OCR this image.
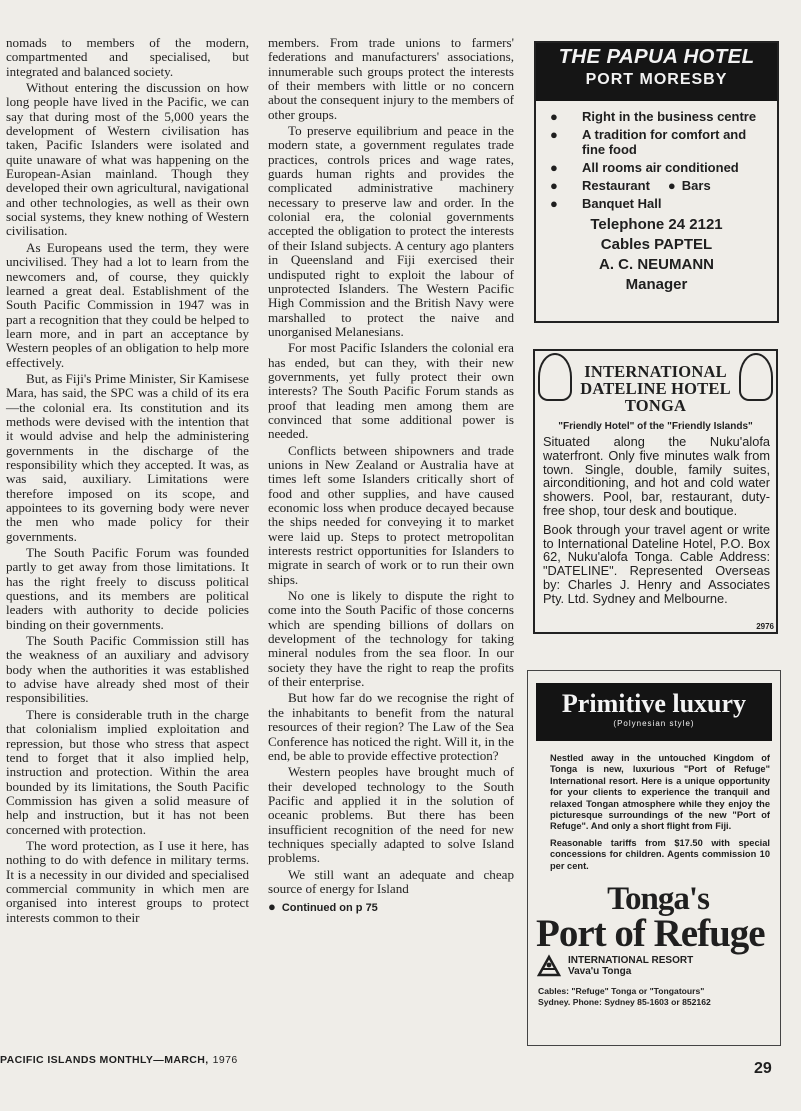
nomads to members of the modern, compartmented and specialised, but integrated and balanced society.

Without entering the discussion on how long people have lived in the Pacific, we can say that during most of the 5,000 years the development of Western civilisation has taken, Pacific Islanders were isolated and quite unaware of what was happening on the European-Asian mainland. Though they developed their own agricultural, navigational and other technologies, as well as their own social systems, they knew nothing of Western civilisation.

As Europeans used the term, they were uncivilised. They had a lot to learn from the newcomers and, of course, they quickly learned a great deal. Establishment of the South Pacific Commission in 1947 was in part a recognition that they could be helped to learn more, and in part an acceptance by Western peoples of an obligation to help more effectively.

But, as Fiji's Prime Minister, Sir Kamisese Mara, has said, the SPC was a child of its era—the colonial era. Its constitution and its methods were devised with the intention that it would advise and help the administering governments in the discharge of the responsibility which they accepted. It was, as was said, auxiliary. Limitations were therefore imposed on its scope, and appointees to its governing body were never the men who made policy for their governments.

The South Pacific Forum was founded partly to get away from those limitations. It has the right freely to discuss political questions, and its members are political leaders with authority to decide policies binding on their governments.

The South Pacific Commission still has the weakness of an auxiliary and advisory body when the authorities it was established to advise have already shed most of their responsibilities.

There is considerable truth in the charge that colonialism implied exploitation and repression, but those who stress that aspect tend to forget that it also implied help, instruction and protection. Within the area bounded by its limitations, the South Pacific Commission has given a solid measure of help and instruction, but it has not been concerned with protection.

The word protection, as I use it here, has nothing to do with defence in military terms. It is a necessity in our divided and specialised commercial community in which men are organised into interest groups to protect interests common to their

members. From trade unions to farmers' federations and manufacturers' associations, innumerable such groups protect the interests of their members with little or no concern about the consequent injury to the members of other groups.

To preserve equilibrium and peace in the modern state, a government regulates trade practices, controls prices and wage rates, guards human rights and provides the complicated administrative machinery necessary to preserve law and order. In the colonial era, the colonial governments accepted the obligation to protect the interests of their Island subjects. A century ago planters in Queensland and Fiji exercised their undisputed right to exploit the labour of unprotected Islanders. The Western Pacific High Commission and the British Navy were marshalled to protect the naive and unorganised Melanesians.

For most Pacific Islanders the colonial era has ended, but can they, with their new governments, yet fully protect their own interests? The South Pacific Forum stands as proof that leading men among them are convinced that some additional power is needed.

Conflicts between shipowners and trade unions in New Zealand or Australia have at times left some Islanders critically short of food and other supplies, and have caused economic loss when produce decayed because the ships needed for conveying it to market were laid up. Steps to protect metropolitan interests restrict opportunities for Islanders to migrate in search of work or to run their own ships.

No one is likely to dispute the right to come into the South Pacific of those concerns which are spending billions of dollars on development of the technology for taking mineral nodules from the sea floor. In our society they have the right to reap the profits of their enterprise.

But how far do we recognise the right of the inhabitants to benefit from the natural resources of their region? The Law of the Sea Conference has noticed the right. Will it, in the end, be able to provide effective protection?

Western peoples have brought much of their developed technology to the South Pacific and applied it in the solution of oceanic problems. But there has been insufficient recognition of the need for new techniques specially adapted to solve Island problems.

We still want an adequate and cheap source of energy for Island

● Continued on p 75

THE PAPUA HOTEL
PORT MORESBY
● Right in the business centre
● A tradition for comfort and fine food
● All rooms air conditioned
● Restaurant ● Bars
● Banquet Hall
Telephone 24 2121
Cables PAPTEL
A. C. NEUMANN
Manager
INTERNATIONAL
DATELINE HOTEL
TONGA
"Friendly Hotel" of the "Friendly Islands"

Situated along the Nuku'alofa waterfront. Only five minutes walk from town. Single, double, family suites, airconditioning, and hot and cold water showers. Pool, bar, restaurant, duty-free shop, tour desk and boutique.

Book through your travel agent or write to International Dateline Hotel, P.O. Box 62, Nuku'alofa Tonga. Cable Address: "DATELINE". Represented Overseas by: Charles J. Henry and Associates Pty. Ltd. Sydney and Melbourne.

2976
Primitive luxury
(Polynesian style)

Nestled away in the untouched Kingdom of Tonga is new, luxurious "Port of Refuge" International resort. Here is a unique opportunity for your clients to experience the tranquil and relaxed Tongan atmosphere while they enjoy the picturesque surroundings of the new "Port of Refuge". And only a short flight from Fiji.

Reasonable tariffs from $17.50 with special concessions for children. Agents commission 10 per cent.

Tonga's
Port of Refuge
INTERNATIONAL RESORT
Vava'u Tonga
Cables: "Refuge" Tonga or "Tongatours"
Sydney. Phone: Sydney 85-1603 or 852162
PACIFIC ISLANDS MONTHLY—MARCH, 1976	29
